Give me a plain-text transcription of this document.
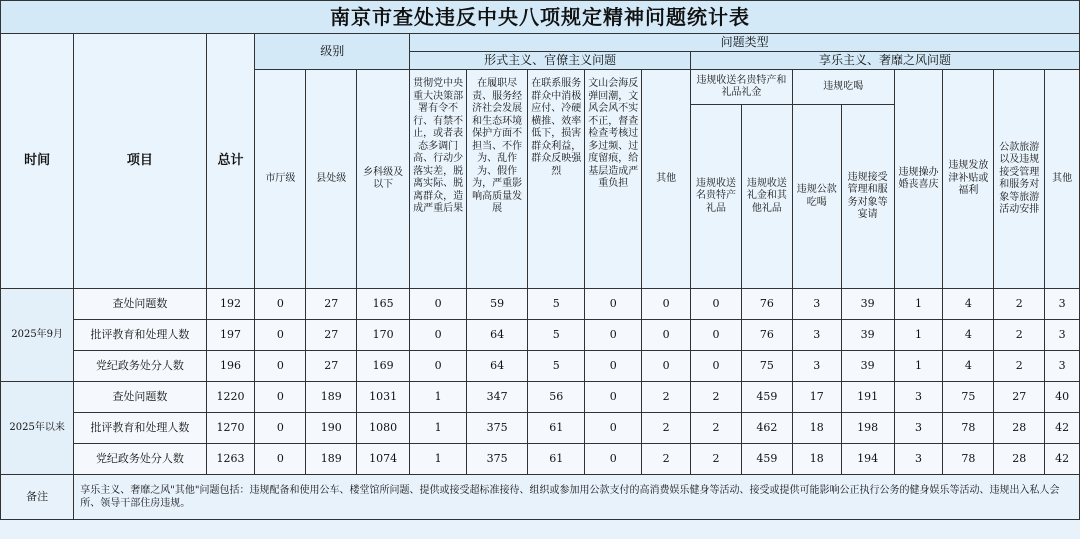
南京市查处违反中央八项规定精神问题统计表																		
时间	项目	总计	级别			问题类型												
						形式主义、官僚主义问题					享乐主义、奢靡之风问题							
			市厅级	县处级	乡科级及以下	贯彻党中央重大决策部署有令不行、有禁不止，或者表态多调门高、行动少落实差，脱离实际、脱离群众，造成严重后果	在履职尽责、服务经济社会发展和生态环境保护方面不担当、不作为、乱作为、假作为，严重影响高质量发展	在联系服务群众中消极应付、冷硬横推、效率低下，损害群众利益，群众反映强烈	文山会海反弹回潮，文风会风不实不正，督查检查考核过多过频、过度留痕，给基层造成严重负担	其他	违规收送名贵特产和礼品礼金		违规吃喝		违规操办婚丧喜庆	违规发放津补贴或福利	公款旅游以及违规接受管理和服务对象等旅游活动安排	其他
											违规收送名贵特产礼品	违规收送礼金和其他礼品	违规公款吃喝	违规接受管理和服务对象等宴请				
2025年9月	查处问题数	192	0	27	165	0	59	5	0	0	0	76	3	39	1	4	2	3
	批评教育和处理人数	197	0	27	170	0	64	5	0	0	0	76	3	39	1	4	2	3
	党纪政务处分人数	196	0	27	169	0	64	5	0	0	0	75	3	39	1	4	2	3
2025年以来	查处问题数	1220	0	189	1031	1	347	56	0	2	2	459	17	191	3	75	27	40
	批评教育和处理人数	1270	0	190	1080	1	375	61	0	2	2	462	18	198	3	78	28	42
	党纪政务处分人数	1263	0	189	1074	1	375	61	0	2	2	459	18	194	3	78	28	42
备注	享乐主义、奢靡之风"其他"问题包括：违规配备和使用公车、楼堂馆所问题、提供或接受超标准接待、组织或参加用公款支付的高消费娱乐健身等活动、接受或提供可能影响公正执行公务的健身娱乐等活动、违规出入私人会所、领导干部住房违规。																	
